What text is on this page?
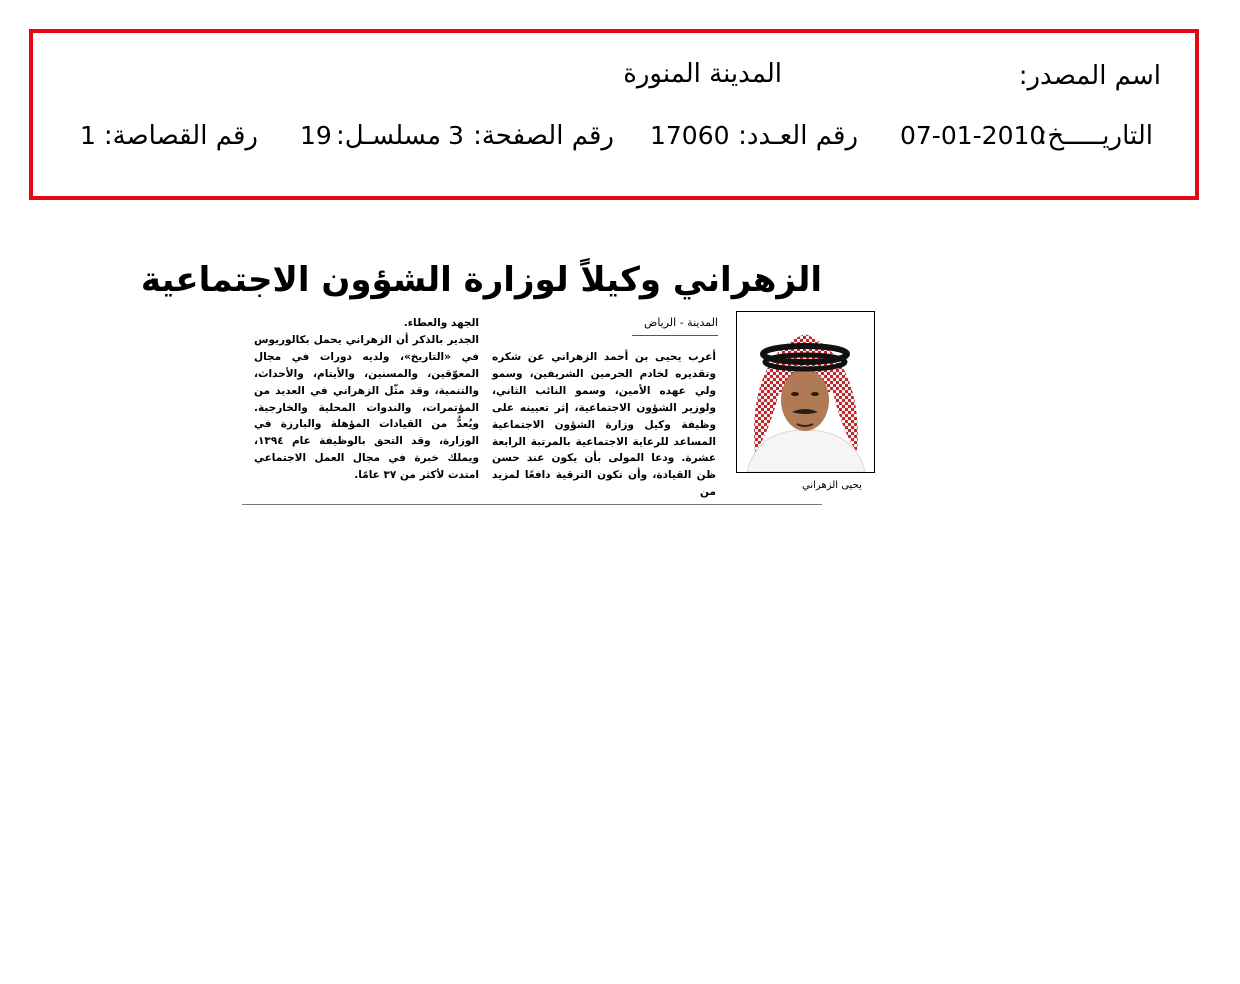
اسم المصدر:
المدينة المنورة
التاريـــــخ:
07-01-2010
رقم العـدد:
17060
رقم الصفحة:
3
مسلسـل:
19
رقم القصاصة:
1
الزهراني وكيلاً لوزارة الشؤون الاجتماعية
يحيى الزهراني
المدينة - الرياض

أعرب يحيى بن أحمد الزهراني عن شكره وتقديره لخادم الحرمين الشريفين، وسمو ولي عهده الأمين، وسمو النائب الثاني، ولوزير الشؤون الاجتماعية، إثر تعيينه على وظيفة وكيل وزارة الشؤون الاجتماعية المساعد للرعاية الاجتماعية بالمرتبة الرابعة عشرة. ودعا المولى بأن يكون عند حسن ظن القيادة، وأن تكون الترقية دافعًا لمزيد من

الجهد والعطاء.

الجدير بالذكر أن الزهراني يحمل بكالوريوس في «التاريخ»، ولديه دورات في مجال المعوّقين، والمسنين، والأيتام، والأحداث، والتنمية، وقد مثّل الزهراني في العديد من المؤتمرات، والندوات المحلية والخارجية. ويُعدُّ من القيادات المؤهلة والبارزة في الوزارة، وقد التحق بالوظيفة عام ١٣٩٤، ويملك خبرة في مجال العمل الاجتماعي امتدت لأكثر من ٣٧ عامًا.
